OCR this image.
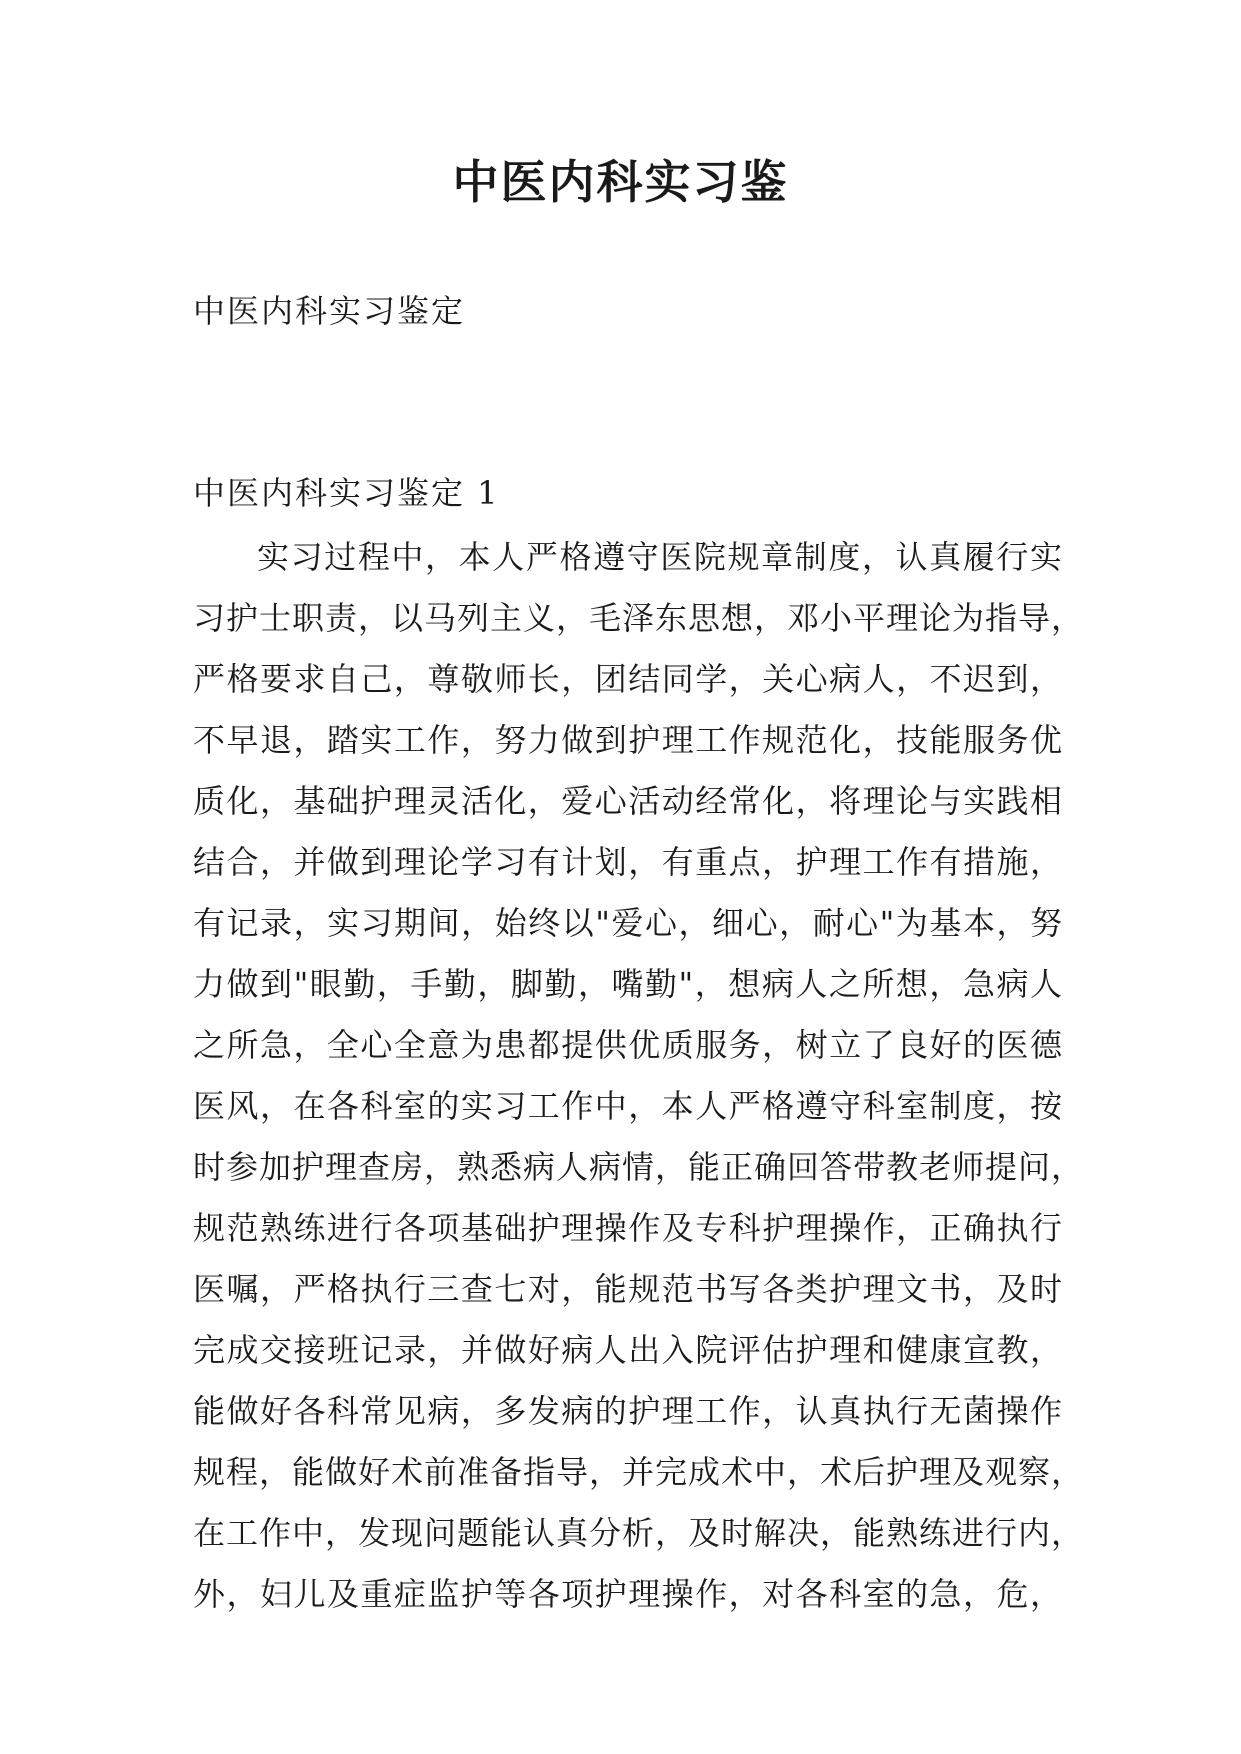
中医内科实习鉴
中医内科实习鉴定
中医内科实习鉴定 1
实习过程中，本人严格遵守医院规章制度，认真履行实
习护士职责，以马列主义，毛泽东思想，邓小平理论为指导，
严格要求自己，尊敬师长，团结同学，关心病人，不迟到，
不早退，踏实工作，努力做到护理工作规范化，技能服务优
质化，基础护理灵活化，爱心活动经常化，将理论与实践相
结合，并做到理论学习有计划，有重点，护理工作有措施，
有记录，实习期间，始终以"爱心，细心，耐心"为基本，努
力做到"眼勤，手勤，脚勤，嘴勤"，想病人之所想，急病人
之所急，全心全意为患都提供优质服务，树立了良好的医德
医风，在各科室的实习工作中，本人严格遵守科室制度，按
时参加护理查房，熟悉病人病情，能正确回答带教老师提问，
规范熟练进行各项基础护理操作及专科护理操作，正确执行
医嘱，严格执行三查七对，能规范书写各类护理文书，及时
完成交接班记录，并做好病人出入院评估护理和健康宣教，
能做好各科常见病，多发病的护理工作，认真执行无菌操作
规程，能做好术前准备指导，并完成术中，术后护理及观察，
在工作中，发现问题能认真分析，及时解决，能熟练进行内，
外，妇儿及重症监护等各项护理操作，对各科室的急，危，
